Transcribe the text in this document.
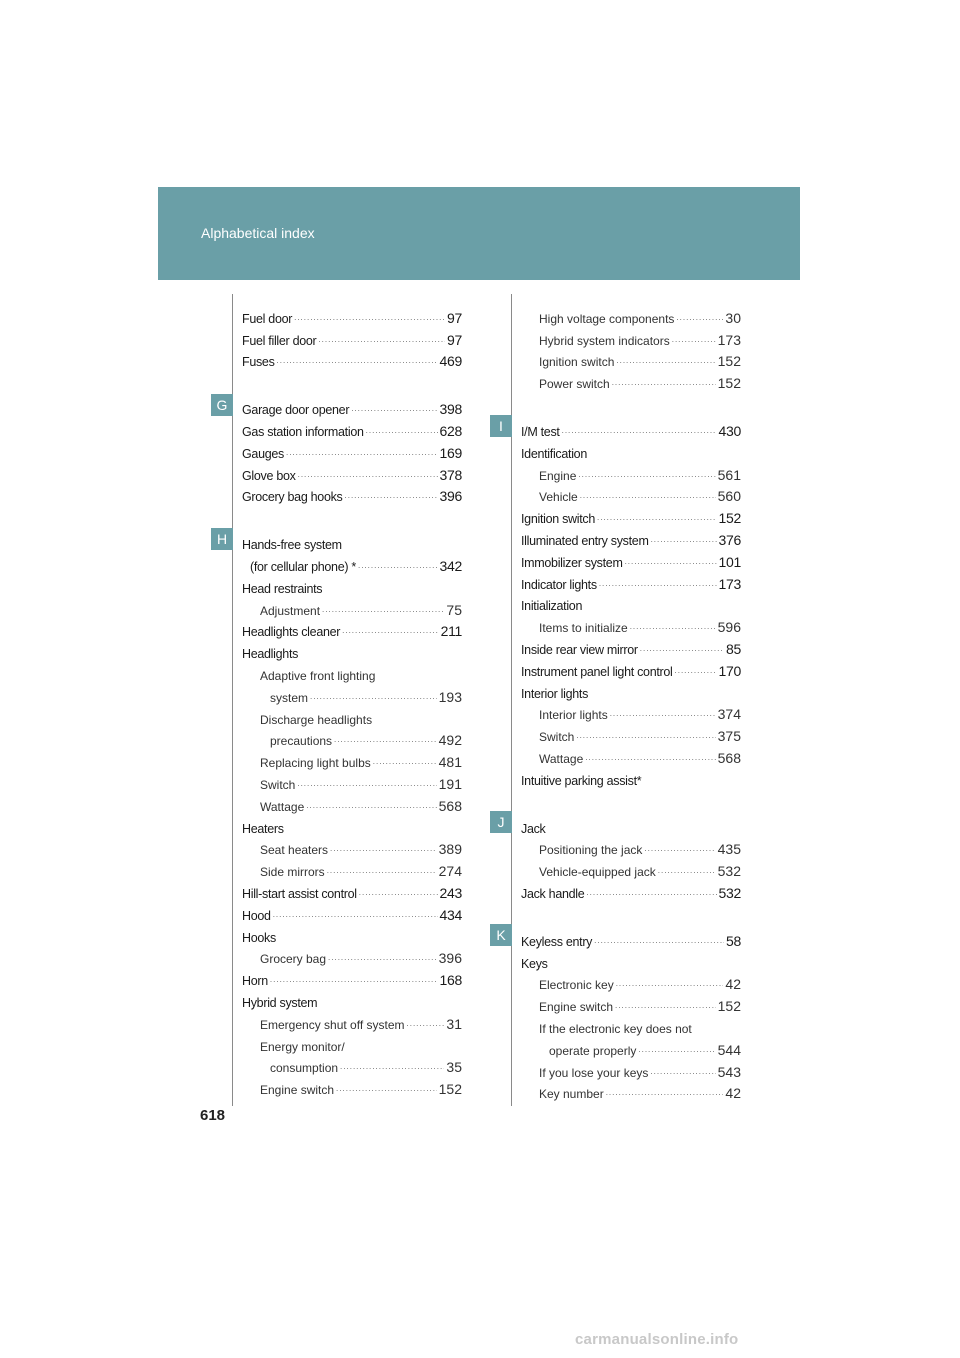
Alphabetical index
G
H
I
J
K
Fuel door .....	97
Fuel filler door .....	97
Fuses .....	469
Garage door opener .....	398
Gas station information .....	628
Gauges .....	169
Glove box .....	378
Grocery bag hooks .....	396
Hands-free system
(for cellular phone) * .....	342
Head restraints
Adjustment .....	75
Headlights cleaner .....	211
Headlights
Adaptive front lighting
system .....	193
Discharge headlights
precautions .....	492
Replacing light bulbs .....	481
Switch .....	191
Wattage .....	568
Heaters
Seat heaters .....	389
Side mirrors .....	274
Hill-start assist control .....	243
Hood .....	434
Hooks
Grocery bag .....	396
Horn .....	168
Hybrid system
Emergency shut off system .....	31
Energy monitor/
consumption .....	35
Engine switch .....	152
High voltage components .....	30
Hybrid system indicators .....	173
Ignition switch .....	152
Power switch .....	152
I/M test .....	430
Identification
Engine .....	561
Vehicle .....	560
Ignition switch .....	152
Illuminated entry system .....	376
Immobilizer system .....	101
Indicator lights .....	173
Initialization
Items to initialize .....	596
Inside rear view mirror .....	85
Instrument panel light control .....	170
Interior lights
Interior lights .....	374
Switch .....	375
Wattage .....	568
Intuitive parking assist*
Jack
Positioning the jack .....	435
Vehicle-equipped jack .....	532
Jack handle .....	532
Keyless entry .....	58
Keys
Electronic key .....	42
Engine switch .....	152
If the electronic key does not
operate properly .....	544
If you lose your keys .....	543
Key number .....	42
618
carmanualsonline.info
